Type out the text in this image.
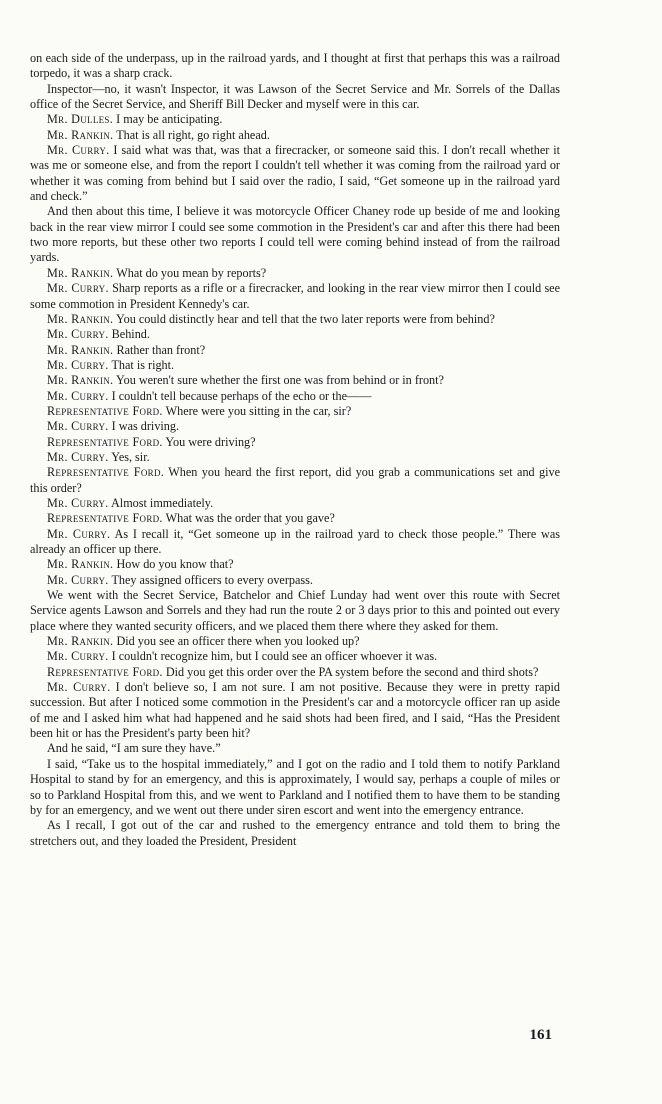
on each side of the underpass, up in the railroad yards, and I thought at first that perhaps this was a railroad torpedo, it was a sharp crack.

Inspector—no, it wasn't Inspector, it was Lawson of the Secret Service and Mr. Sorrels of the Dallas office of the Secret Service, and Sheriff Bill Decker and myself were in this car.

Mr. Dulles. I may be anticipating.

Mr. Rankin. That is all right, go right ahead.

Mr. Curry. I said what was that, was that a firecracker, or someone said this. I don't recall whether it was me or someone else, and from the report I couldn't tell whether it was coming from the railroad yard or whether it was coming from behind but I said over the radio, I said, “Get someone up in the railroad yard and check.”

And then about this time, I believe it was motorcycle Officer Chaney rode up beside of me and looking back in the rear view mirror I could see some commotion in the President's car and after this there had been two more reports, but these other two reports I could tell were coming behind instead of from the railroad yards.

Mr. Rankin. What do you mean by reports?

Mr. Curry. Sharp reports as a rifle or a firecracker, and looking in the rear view mirror then I could see some commotion in President Kennedy's car.

Mr. Rankin. You could distinctly hear and tell that the two later reports were from behind?

Mr. Curry. Behind.

Mr. Rankin. Rather than front?

Mr. Curry. That is right.

Mr. Rankin. You weren't sure whether the first one was from behind or in front?

Mr. Curry. I couldn't tell because perhaps of the echo or the——

Representative Ford. Where were you sitting in the car, sir?

Mr. Curry. I was driving.

Representative Ford. You were driving?

Mr. Curry. Yes, sir.

Representative Ford. When you heard the first report, did you grab a communications set and give this order?

Mr. Curry. Almost immediately.

Representative Ford. What was the order that you gave?

Mr. Curry. As I recall it, “Get someone up in the railroad yard to check those people.” There was already an officer up there.

Mr. Rankin. How do you know that?

Mr. Curry. They assigned officers to every overpass.

We went with the Secret Service, Batchelor and Chief Lunday had went over this route with Secret Service agents Lawson and Sorrels and they had run the route 2 or 3 days prior to this and pointed out every place where they wanted security officers, and we placed them there where they asked for them.

Mr. Rankin. Did you see an officer there when you looked up?

Mr. Curry. I couldn't recognize him, but I could see an officer whoever it was.

Representative Ford. Did you get this order over the PA system before the second and third shots?

Mr. Curry. I don't believe so, I am not sure. I am not positive. Because they were in pretty rapid succession. But after I noticed some commotion in the President's car and a motorcycle officer ran up aside of me and I asked him what had happened and he said shots had been fired, and I said, “Has the President been hit or has the President's party been hit?

And he said, “I am sure they have.”

I said, “Take us to the hospital immediately,” and I got on the radio and I told them to notify Parkland Hospital to stand by for an emergency, and this is approximately, I would say, perhaps a couple of miles or so to Parkland Hospital from this, and we went to Parkland and I notified them to have them to be standing by for an emergency, and we went out there under siren escort and went into the emergency entrance.

As I recall, I got out of the car and rushed to the emergency entrance and told them to bring the stretchers out, and they loaded the President, President

161
